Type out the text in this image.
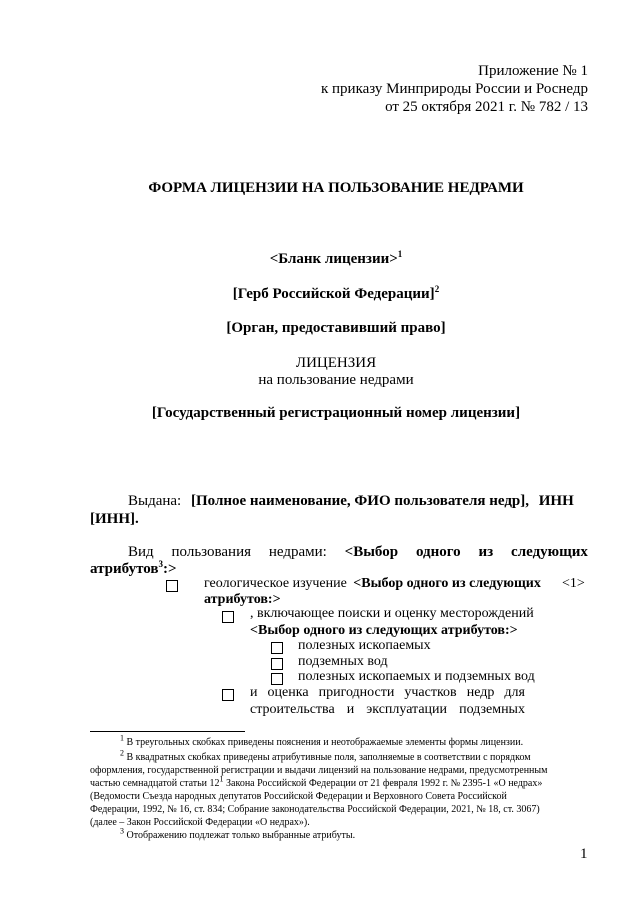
Приложение № 1
к приказу Минприроды России и Роснедр
от 25 октября 2021 г. № 782 / 13
ФОРМА ЛИЦЕНЗИИ НА ПОЛЬЗОВАНИЕ НЕДРАМИ
<Бланк лицензии>$^1$
[Герб Российской Федерации]$^2$
[Орган, предоставивший право]
ЛИЦЕНЗИЯ
на пользование недрами
[Государственный регистрационный номер лицензии]
Выдана: [Полное наименование, ФИО пользователя недр], ИНН
[ИНН].
Вид пользования недрами: <Выбор одного из следующих
атрибутов$^3$:>
геологическое изучение <Выбор одного из следующих <1>
атрибутов:>
, включающее поиски и оценку месторождений
<Выбор одного из следующих атрибутов:>
полезных ископаемых
подземных вод
полезных ископаемых и подземных вод
и оценка пригодности участков недр для
строительства и эксплуатации подземных
$^1$ В треугольных скобках приведены пояснения и неотображаемые элементы формы лицензии.
$^2$ В квадратных скобках приведены атрибутивные поля, заполняемые в соответствии с порядком
оформления, государственной регистрации и выдачи лицензий на пользование недрами, предусмотренным
частью семнадцатой статьи 12$^1$ Закона Российской Федерации от 21 февраля 1992 г. № 2395-1 «О недрах»
(Ведомости Съезда народных депутатов Российской Федерации и Верховного Совета Российской
Федерации, 1992, № 16, ст. 834; Собрание законодательства Российской Федерации, 2021, № 18, ст. 3067)
(далее – Закон Российской Федерации «О недрах»).
$^3$ Отображению подлежат только выбранные атрибуты.
1
